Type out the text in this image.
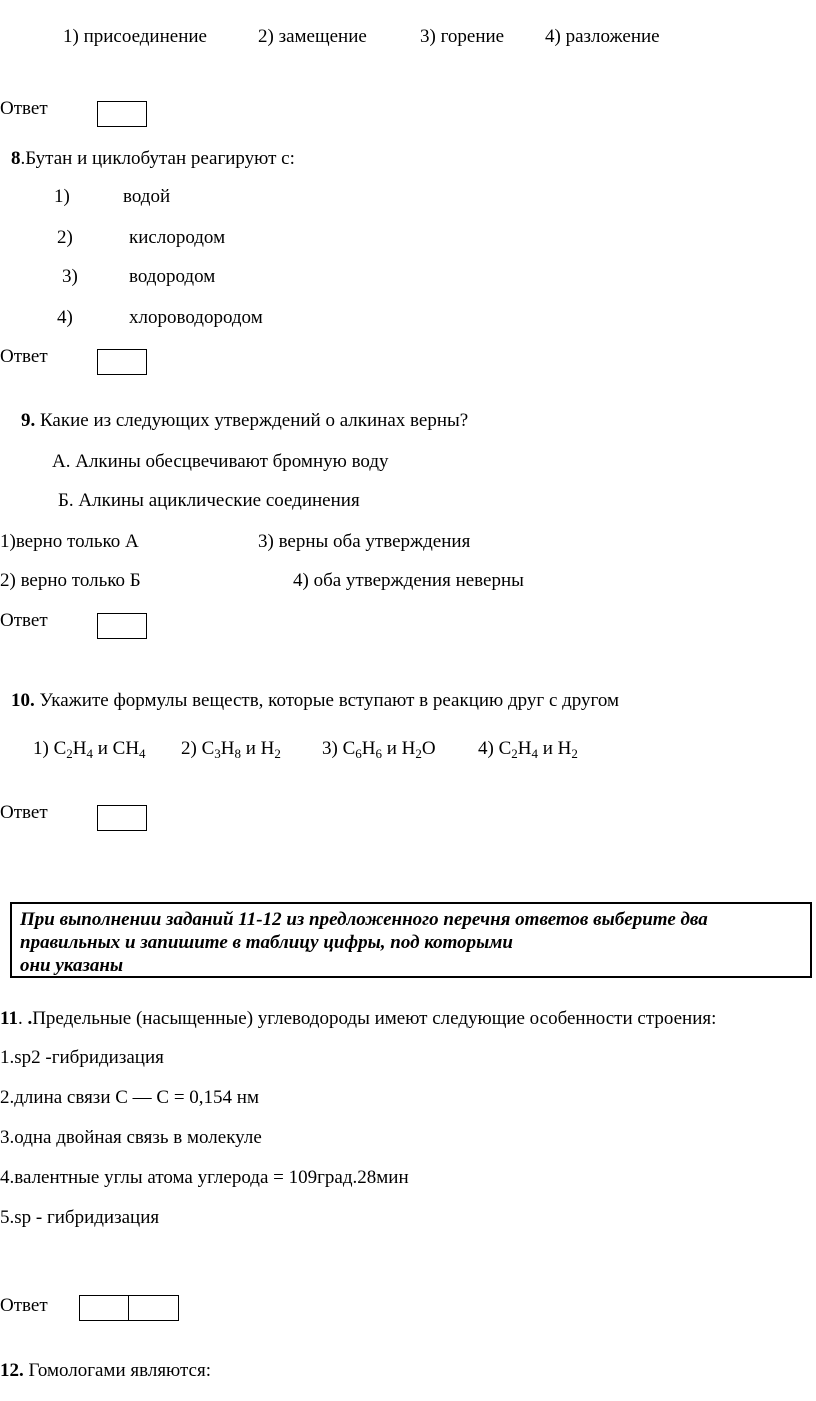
1) присоединение	2) замещение	3) горение 4) разложение
Ответ
8.Бутан и циклобутан реагируют с:
1)	водой
2)	кислородом
3)	водородом
4)	хлороводородом
Ответ
9. Какие из следующих утверждений о алкинах верны?
А. Алкины обесцвечивают бромную воду
Б. Алкины ациклические соединения
1)верно только А	3) верны оба утверждения
2) верно только Б	4) оба утверждения неверны
Ответ
10. Укажите формулы веществ, которые вступают в реакцию друг с другом
1) $C_2H_4$ и $CH_4$ 2) $C_3H_8$ и $H_2$ 3) $C_6H_6$ и $H_2O$ 4) $C_2H_4$ и $H_2$
Ответ
При выполнении заданий 11-12 из предложенного перечня ответов выберите два
правильных и запишите в таблицу цифры, под которыми
они указаны
11. .Предельные (насыщенные) углеводороды имеют следующие особенности строения:
1.sp2 -гибридизация
2.длина связи С — С = 0,154 нм
3.одна двойная связь в молекуле
4.валентные углы атома углерода = 109град.28мин
5.sp - гибридизация
Ответ
12. Гомологами являются:
